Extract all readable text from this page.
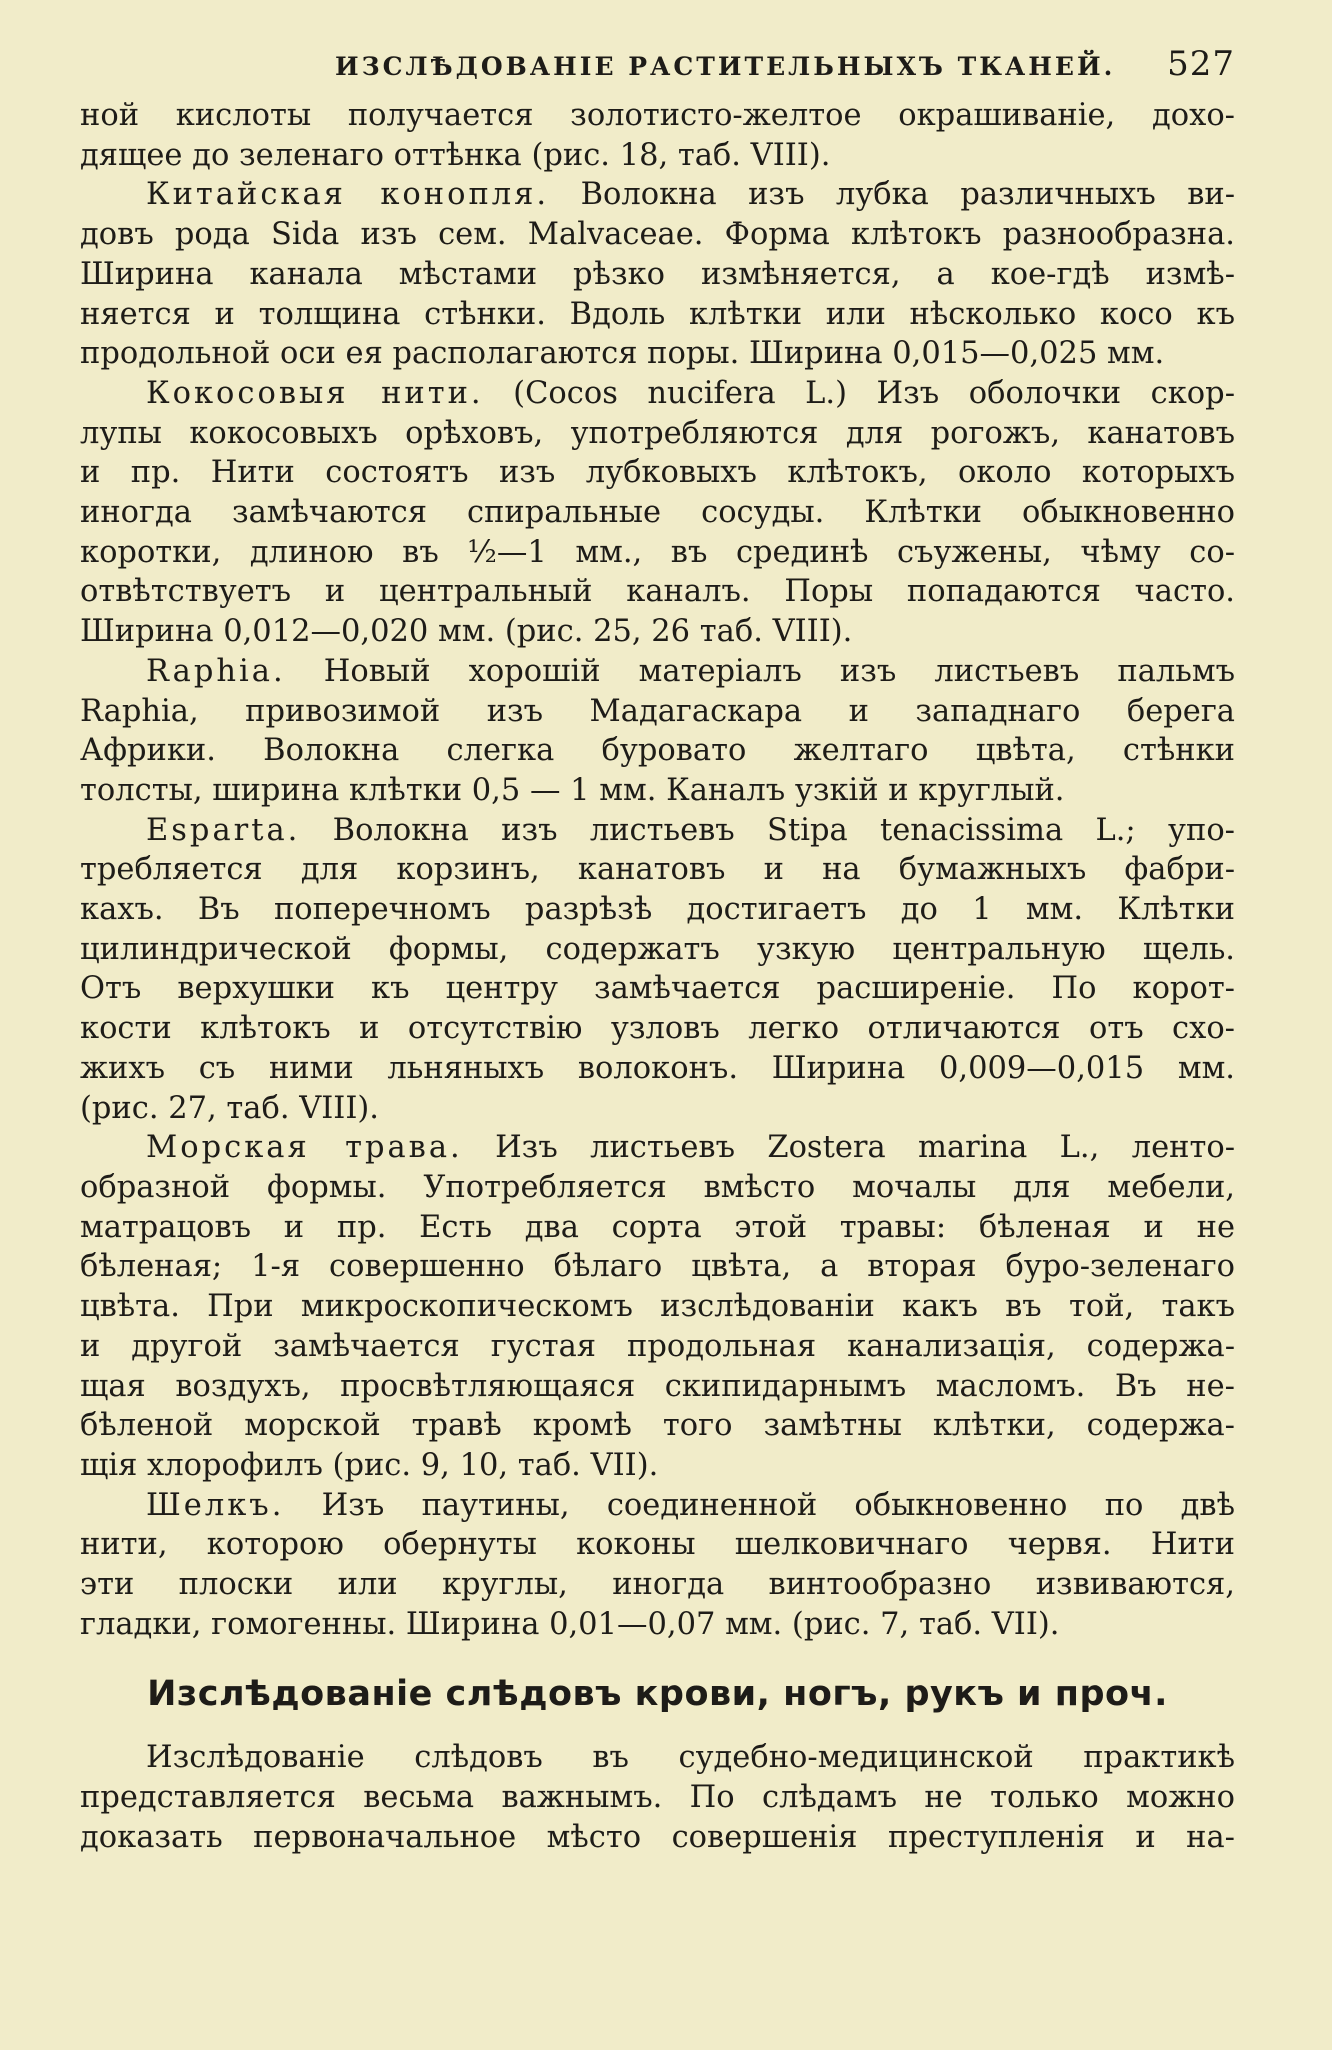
ИЗСЛѢДОВАНІЕ РАСТИТЕЛЬНЫХЪ ТКАНЕЙ. 527

ной кислоты получается золотисто-желтое окрашиваніе, дохо-

дящее до зеленаго оттѣнка (рис. 18, таб. VIII).

Китайская конопля. Волокна изъ лубка различныхъ ви-

довъ рода Sida изъ сем. Malvaceae. Форма клѣтокъ разнообразна.

Ширина канала мѣстами рѣзко измѣняется, а кое-гдѣ измѣ-

няется и толщина стѣнки. Вдоль клѣтки или нѣсколько косо къ

продольной оси ея располагаются поры. Ширина 0,015—0,025 мм.

Кокосовыя нити. (Cocos nucifera L.) Изъ оболочки скор-

лупы кокосовыхъ орѣховъ, употребляются для рогожъ, канатовъ

и пр. Нити состоятъ изъ лубковыхъ клѣтокъ, около которыхъ

иногда замѣчаются спиральные сосуды. Клѣтки обыкновенно

коротки, длиною въ ½—1 мм., въ срединѣ съужены, чѣму со-

отвѣтствуетъ и центральный каналъ. Поры попадаются часто.

Ширина 0,012—0,020 мм. (рис. 25, 26 таб. VIII).

Raphia. Новый хорошій матеріалъ изъ листьевъ пальмъ

Raphia, привозимой изъ Мадагаскара и западнаго берега

Африки. Волокна слегка буровато желтаго цвѣта, стѣнки

толсты, ширина клѣтки 0,5 — 1 мм. Каналъ узкій и круглый.

Esparta. Волокна изъ листьевъ Stipa tenacissima L.; упо-

требляется для корзинъ, канатовъ и на бумажныхъ фабри-

кахъ. Въ поперечномъ разрѣзѣ достигаетъ до 1 мм. Клѣтки

цилиндрической формы, содержатъ узкую центральную щель.

Отъ верхушки къ центру замѣчается расширеніе. По корот-

кости клѣтокъ и отсутствію узловъ легко отличаются отъ схо-

жихъ съ ними льняныхъ волоконъ. Ширина 0,009—0,015 мм.

(рис. 27, таб. VIII).

Морская трава. Изъ листьевъ Zostera marina L., ленто-

образной формы. Употребляется вмѣсто мочалы для мебели,

матрацовъ и пр. Есть два сорта этой травы: бѣленая и не

бѣленая; 1-я совершенно бѣлаго цвѣта, а вторая буро-зеленаго

цвѣта. При микроскопическомъ изслѣдованіи какъ въ той, такъ

и другой замѣчается густая продольная канализація, содержа-

щая воздухъ, просвѣтляющаяся скипидарнымъ масломъ. Въ не-

бѣленой морской травѣ кромѣ того замѣтны клѣтки, содержа-

щія хлорофилъ (рис. 9, 10, таб. VII).

Шелкъ. Изъ паутины, соединенной обыкновенно по двѣ

нити, которою обернуты коконы шелковичнаго червя. Нити

эти плоски или круглы, иногда винтообразно извиваются,

гладки, гомогенны. Ширина 0,01—0,07 мм. (рис. 7, таб. VII).

Изслѣдованіе слѣдовъ крови, ногъ, рукъ и проч.

Изслѣдованіе слѣдовъ въ судебно-медицинской практикѣ

представляется весьма важнымъ. По слѣдамъ не только можно

доказать первоначальное мѣсто совершенія преступленія и на-
